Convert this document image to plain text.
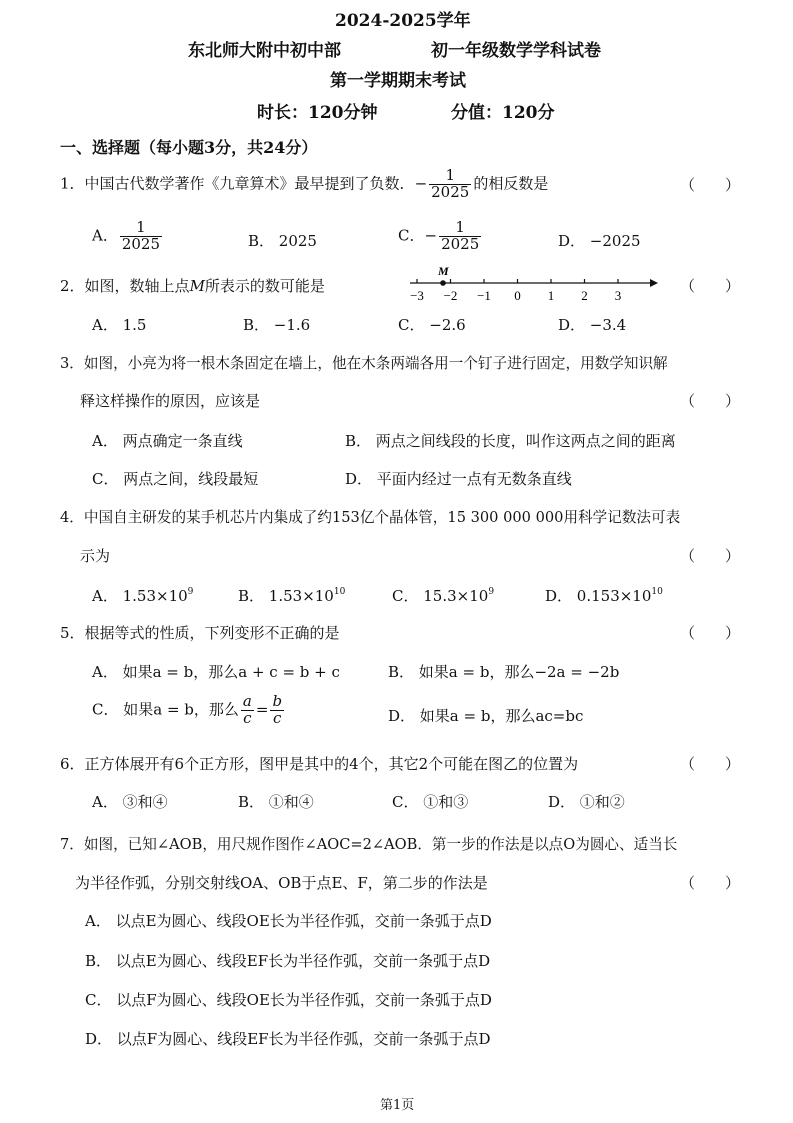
2024-2025学年
东北师大附中初中部	初一年级数学学科试卷
第一学期期末考试
时长：120分钟	分值：120分
一、选择题（每小题3分，共24分）
1．中国古代数学著作《九章算术》最早提到了负数．− $\frac{1}{2025}$ 的相反数是	（　　）
A． $\frac{1}{2025}$	B． 2025	C．− $\frac{1}{2025}$	D． −2025
2．如图，数轴上点M所表示的数可能是
−3 −2 −1 0 1 2 3
M
（　　）
A． 1.5	B． −1.6	C． −2.6	D． −3.4
3．如图，小亮为将一根木条固定在墙上，他在木条两端各用一个钉子进行固定，用数学知识解
释这样操作的原因，应该是	（　　）
A． 两点确定一条直线	B． 两点之间线段的长度，叫作这两点之间的距离
C． 两点之间，线段最短	D． 平面内经过一点有无数条直线
4．中国自主研发的某手机芯片内集成了约153亿个晶体管，15 300 000 000用科学记数法可表
示为	（　　）
A． $1.53\times 10^9$	B． $1.53\times 10^{10}$	C． $15.3\times 10^9$	D． $0.153\times 10^{10}$
5．根据等式的性质，下列变形不正确的是	（　　）
A． 如果a = b，那么a + c = b + c	B． 如果a = b，那么−2a = −2b
C． 如果a = b，那么 $\frac{a}{c} = \frac{b}{c}$	D． 如果a = b，那么ac=bc
6．正方体展开有6个正方形，图甲是其中的4个，其它2个可能在图乙的位置为	（　　）
A． ③和④	B． ①和④	C． ①和③	D． ①和②
7．如图，已知∠AOB，用尺规作图作∠AOC=2∠AOB．第一步的作法是以点O为圆心、适当长
为半径作弧，分别交射线OA、OB于点E、F，第二步的作法是	（　　）
A． 以点E为圆心、线段OE长为半径作弧，交前一条弧于点D
B． 以点E为圆心、线段EF长为半径作弧，交前一条弧于点D
C． 以点F为圆心、线段OE长为半径作弧，交前一条弧于点D
D． 以点F为圆心、线段EF长为半径作弧，交前一条弧于点D
第1页
